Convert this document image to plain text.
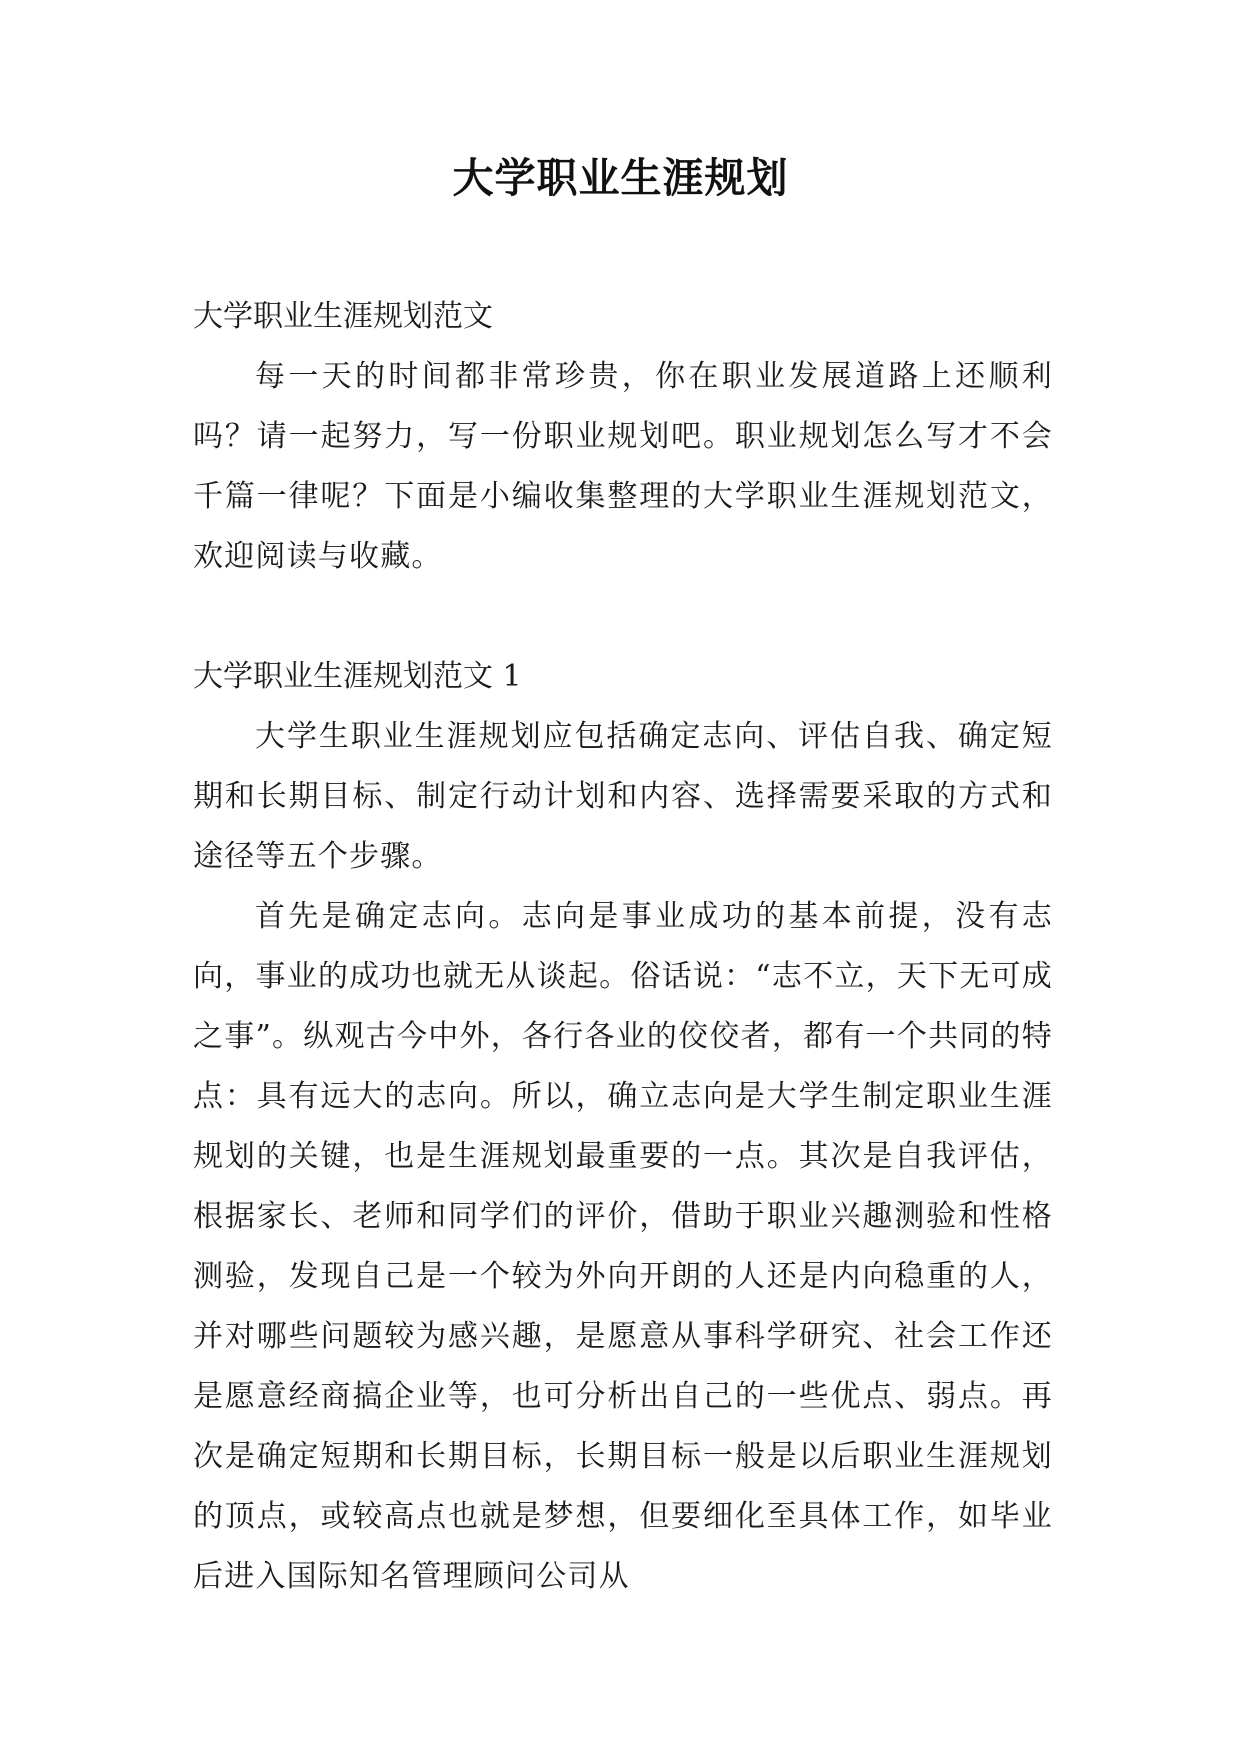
大学职业生涯规划

大学职业生涯规划范文

每一天的时间都非常珍贵，你在职业发展道路上还顺利吗？请一起努力，写一份职业规划吧。职业规划怎么写才不会千篇一律呢？下面是小编收集整理的大学职业生涯规划范文，欢迎阅读与收藏。

大学职业生涯规划范文 1

大学生职业生涯规划应包括确定志向、评估自我、确定短期和长期目标、制定行动计划和内容、选择需要采取的方式和途径等五个步骤。

首先是确定志向。志向是事业成功的基本前提，没有志向，事业的成功也就无从谈起。俗话说：“志不立，天下无可成之事”。纵观古今中外，各行各业的佼佼者，都有一个共同的特点：具有远大的志向。所以，确立志向是大学生制定职业生涯规划的关键，也是生涯规划最重要的一点。其次是自我评估，根据家长、老师和同学们的评价，借助于职业兴趣测验和性格测验，发现自己是一个较为外向开朗的人还是内向稳重的人，并对哪些问题较为感兴趣，是愿意从事科学研究、社会工作还是愿意经商搞企业等，也可分析出自己的一些优点、弱点。再次是确定短期和长期目标，长期目标一般是以后职业生涯规划的顶点，或较高点也就是梦想，但要细化至具体工作，如毕业后进入国际知名管理顾问公司从
